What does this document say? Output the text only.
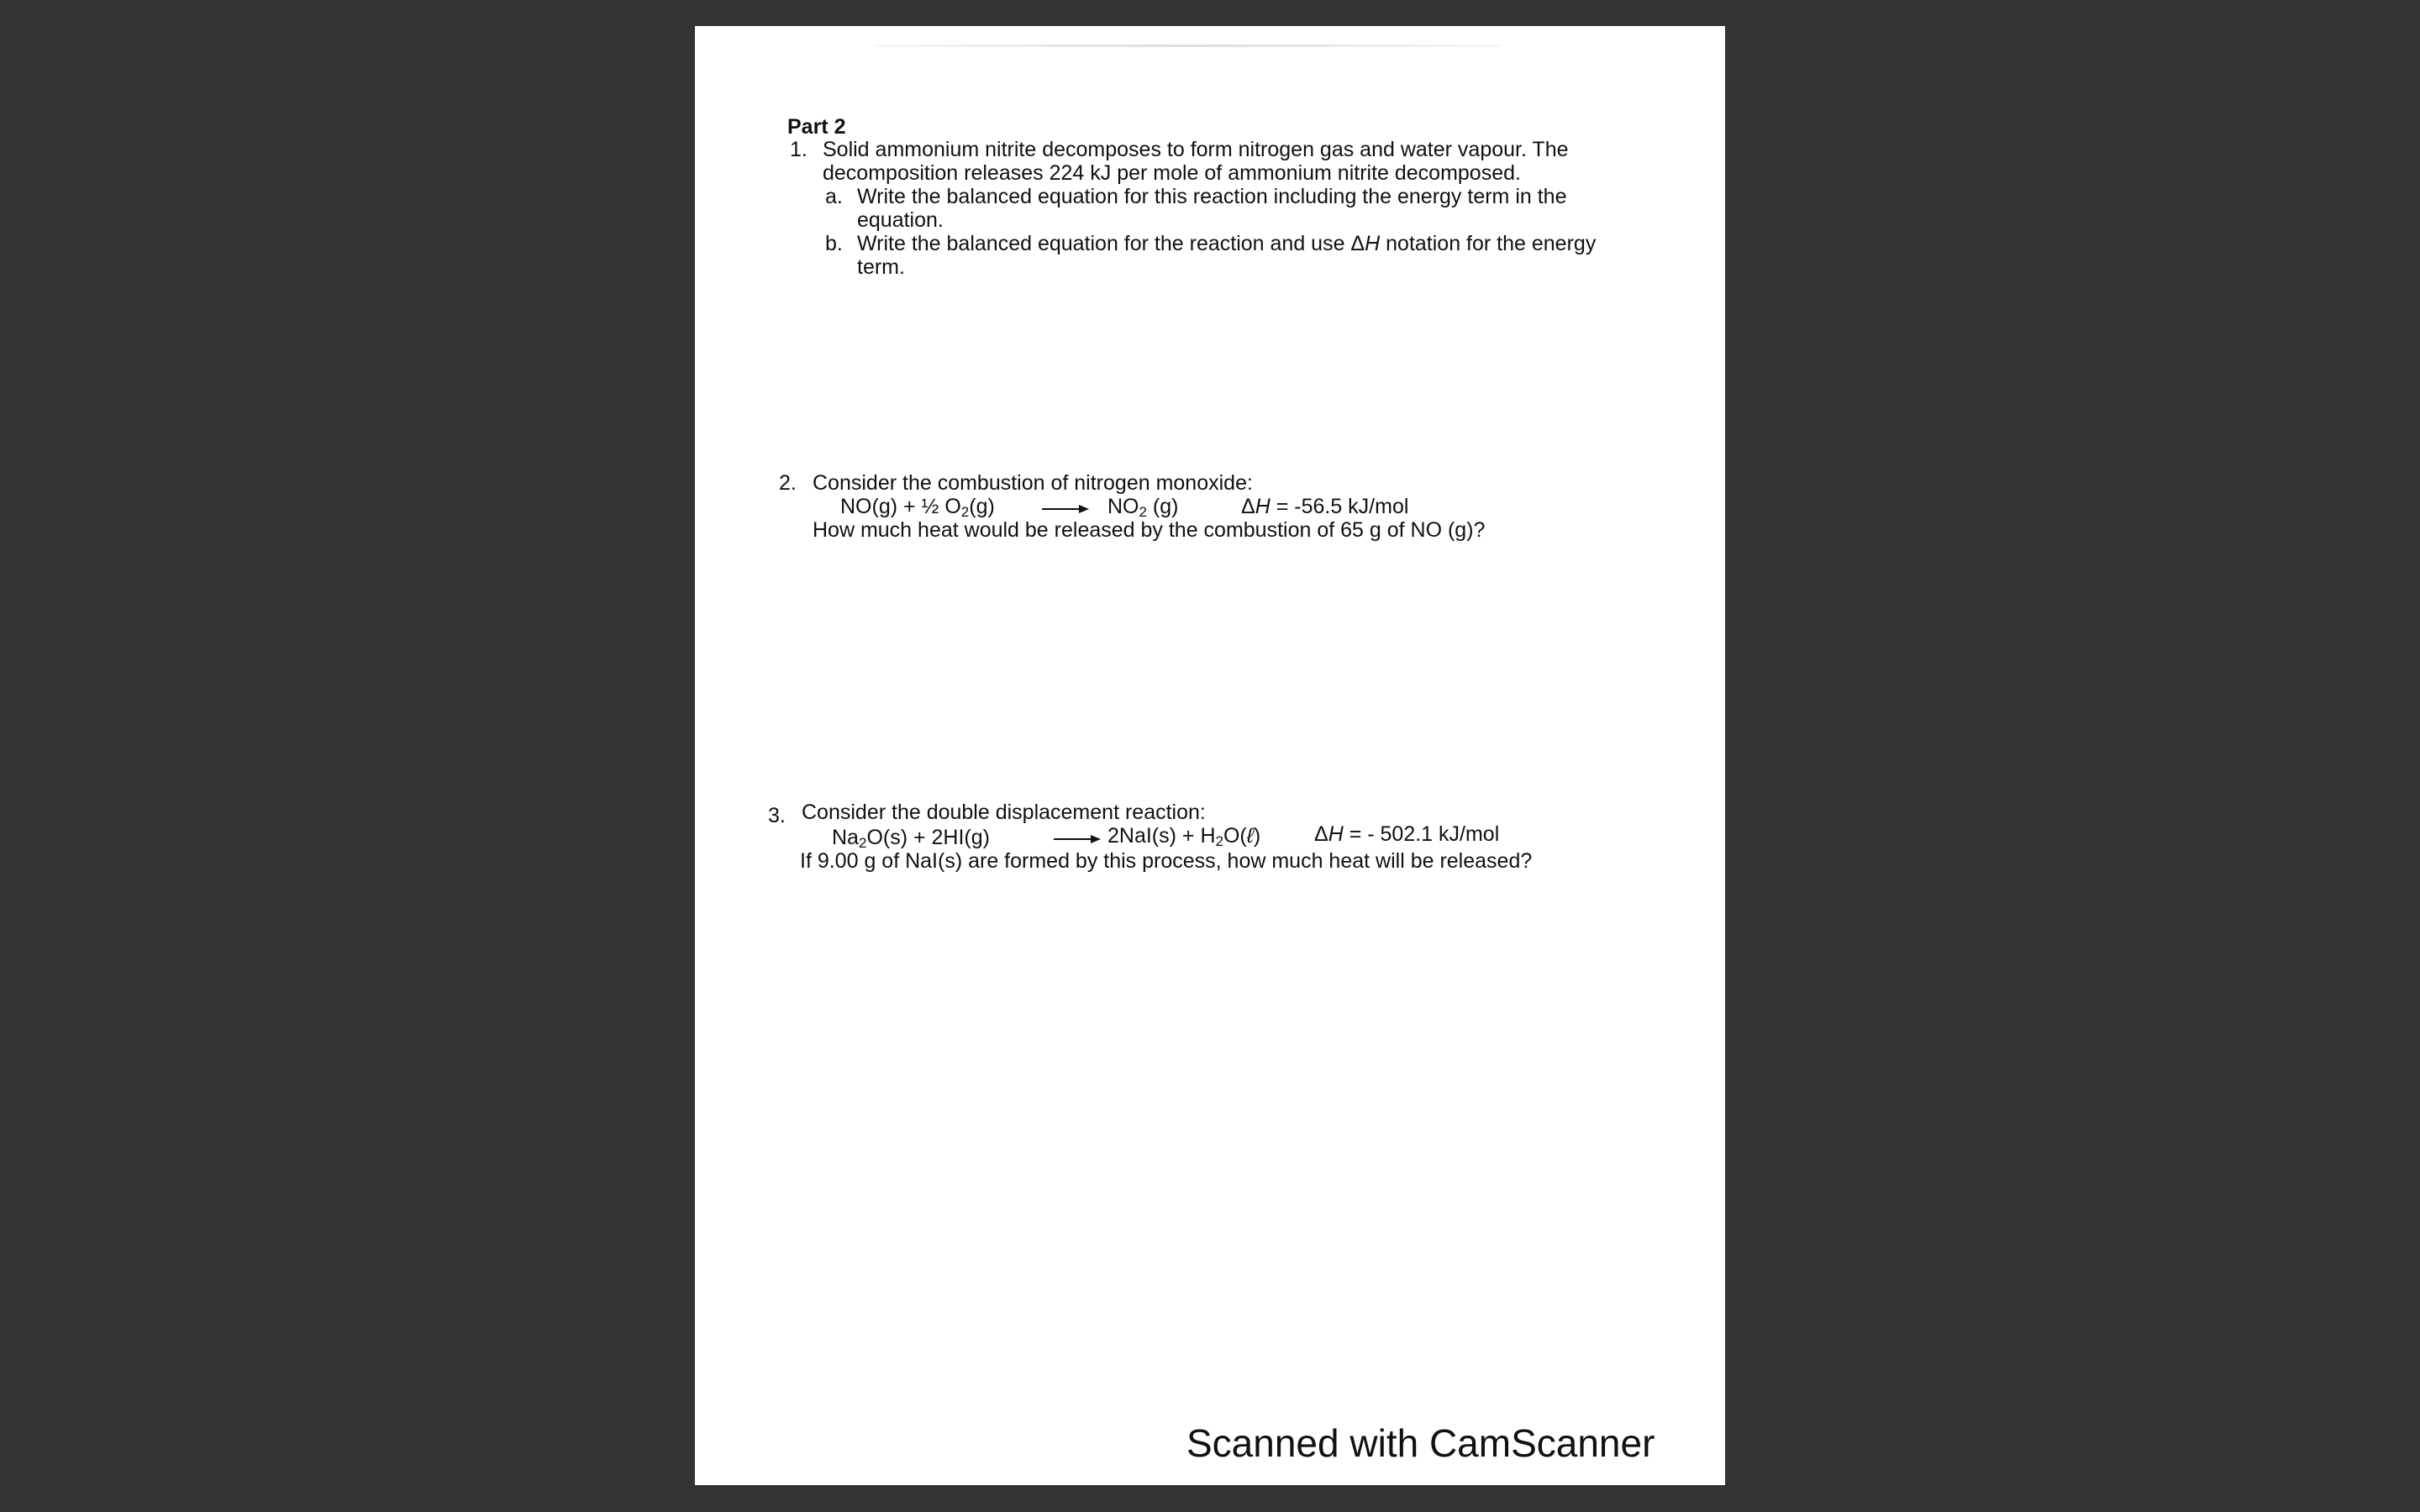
Part 2
1. Solid ammonium nitrite decomposes to form nitrogen gas and water vapour. The
decomposition releases 224 kJ per mole of ammonium nitrite decomposed.
a. Write the balanced equation for this reaction including the energy term in the
equation.
b. Write the balanced equation for the reaction and use ΔH notation for the energy
term.
2. Consider the combustion of nitrogen monoxide:
NO(g) + ½ $O_2(g)$	$NO_2$ (g)	ΔH = -56.5 kJ/mol
How much heat would be released by the combustion of 65 g of NO (g)?
3. Consider the double displacement reaction:
$Na_2O(s) + 2HI(g)$	$2NaI(s) + H_2O(\ell)$	ΔH = - 502.1 kJ/mol
If 9.00 g of NaI(s) are formed by this process, how much heat will be released?
Scanned with CamScanner
